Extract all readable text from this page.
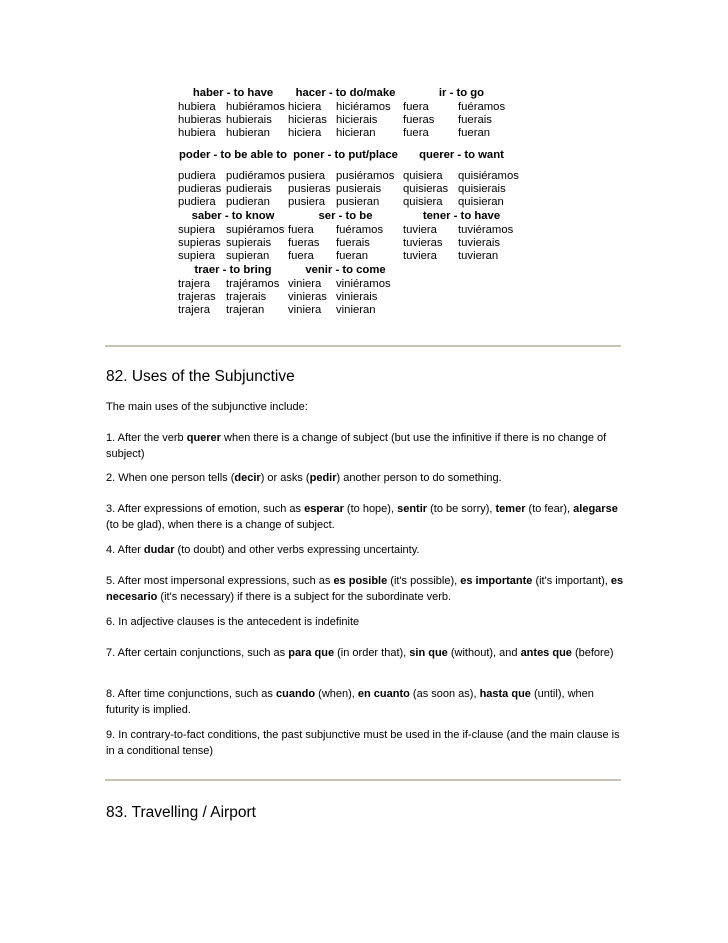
haber - to have		hacer - to do/make		ir - to go	
hubiera	hubiéramos	hiciera	hiciéramos	fuera	fuéramos
hubieras	hubierais	hicieras	hicierais	fueras	fuerais
hubiera	hubieran	hiciera	hicieran	fuera	fueran
poder - to be able to		poner - to put/place		querer - to want	
pudiera	pudiéramos	pusiera	pusiéramos	quisiera	quisiéramos
pudieras	pudierais	pusieras	pusierais	quisieras	quisierais
pudiera	pudieran	pusiera	pusieran	quisiera	quisieran
saber - to know		ser - to be		tener - to have	
supiera	supiéramos	fuera	fuéramos	tuviera	tuviéramos
supieras	supierais	fueras	fuerais	tuvieras	tuvierais
supiera	supieran	fuera	fueran	tuviera	tuvieran
traer - to bring		venir - to come			
trajera	trajéramos	viniera	viniéramos		
trajeras	trajerais	vinieras	vinierais		
trajera	trajeran	viniera	vinieran		
82. Uses of the Subjunctive
The main uses of the subjunctive include:
1. After the verb querer when there is a change of subject (but use the infinitive if there is no change of subject)
2. When one person tells (decir) or asks (pedir) another person to do something.
3. After expressions of emotion, such as esperar (to hope), sentir (to be sorry), temer (to fear), alegarse (to be glad), when there is a change of subject.
4. After dudar (to doubt) and other verbs expressing uncertainty.
5. After most impersonal expressions, such as es posible (it's possible), es importante (it's important), es necesario (it's necessary) if there is a subject for the subordinate verb.
6. In adjective clauses is the antecedent is indefinite
7. After certain conjunctions, such as para que (in order that), sin que (without), and antes que (before)
8. After time conjunctions, such as cuando (when), en cuanto (as soon as), hasta que (until), when futurity is implied.
9. In contrary-to-fact conditions, the past subjunctive must be used in the if-clause (and the main clause is in a conditional tense)
83. Travelling / Airport
